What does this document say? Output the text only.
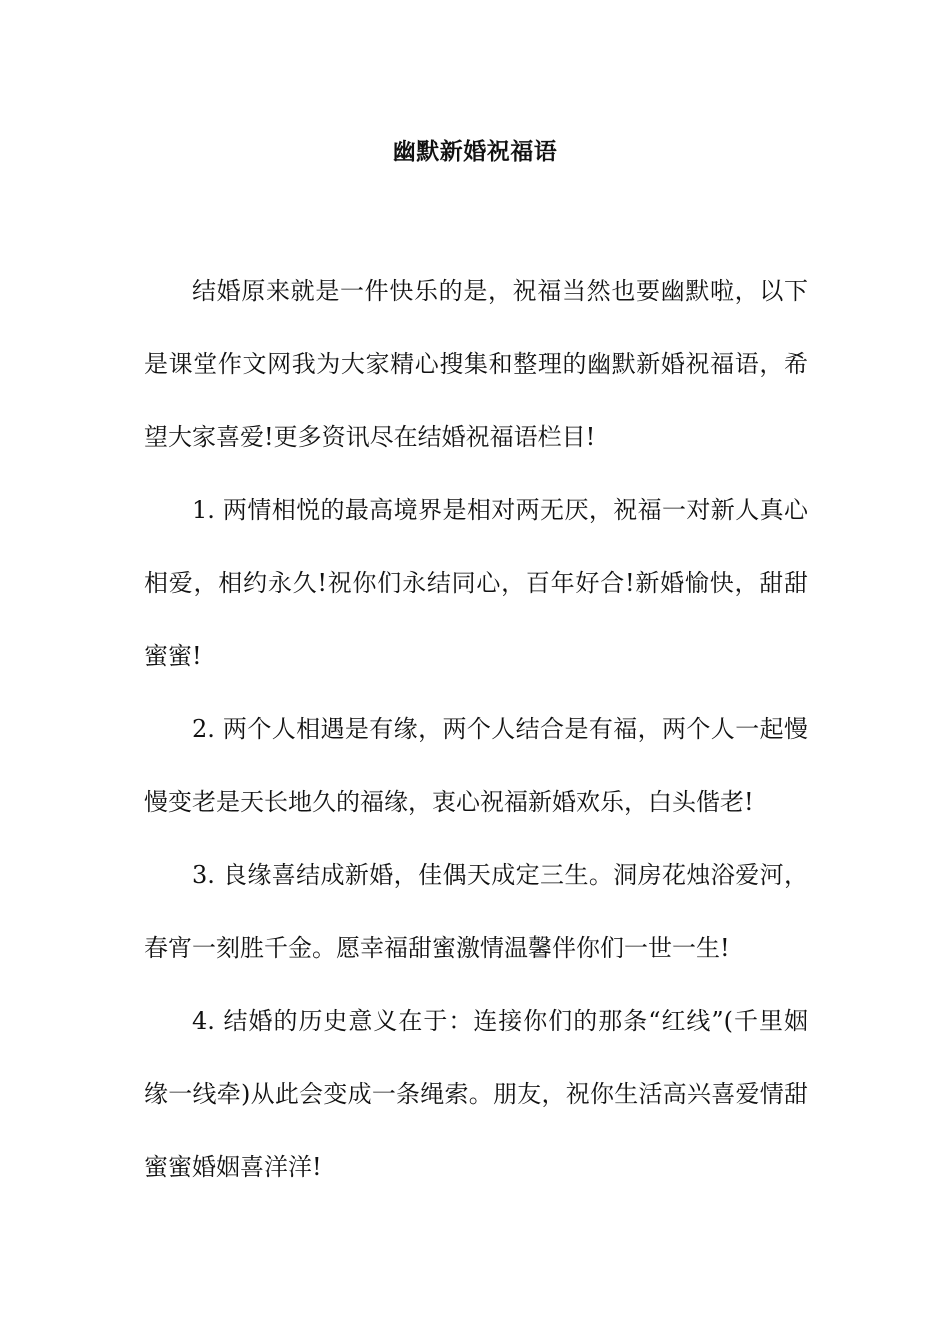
幽默新婚祝福语

结婚原来就是一件快乐的是，祝福当然也要幽默啦，以下是课堂作文网我为大家精心搜集和整理的幽默新婚祝福语，希望大家喜爱!更多资讯尽在结婚祝福语栏目!

1. 两情相悦的最高境界是相对两无厌，祝福一对新人真心相爱，相约永久!祝你们永结同心，百年好合!新婚愉快，甜甜蜜蜜!

2. 两个人相遇是有缘，两个人结合是有福，两个人一起慢慢变老是天长地久的福缘，衷心祝福新婚欢乐，白头偕老!

3. 良缘喜结成新婚，佳偶天成定三生。洞房花烛浴爱河，春宵一刻胜千金。愿幸福甜蜜激情温馨伴你们一世一生!

4. 结婚的历史意义在于：连接你们的那条“红线”(千里姻缘一线牵)从此会变成一条绳索。朋友，祝你生活高兴喜爱情甜蜜蜜婚姻喜洋洋!
